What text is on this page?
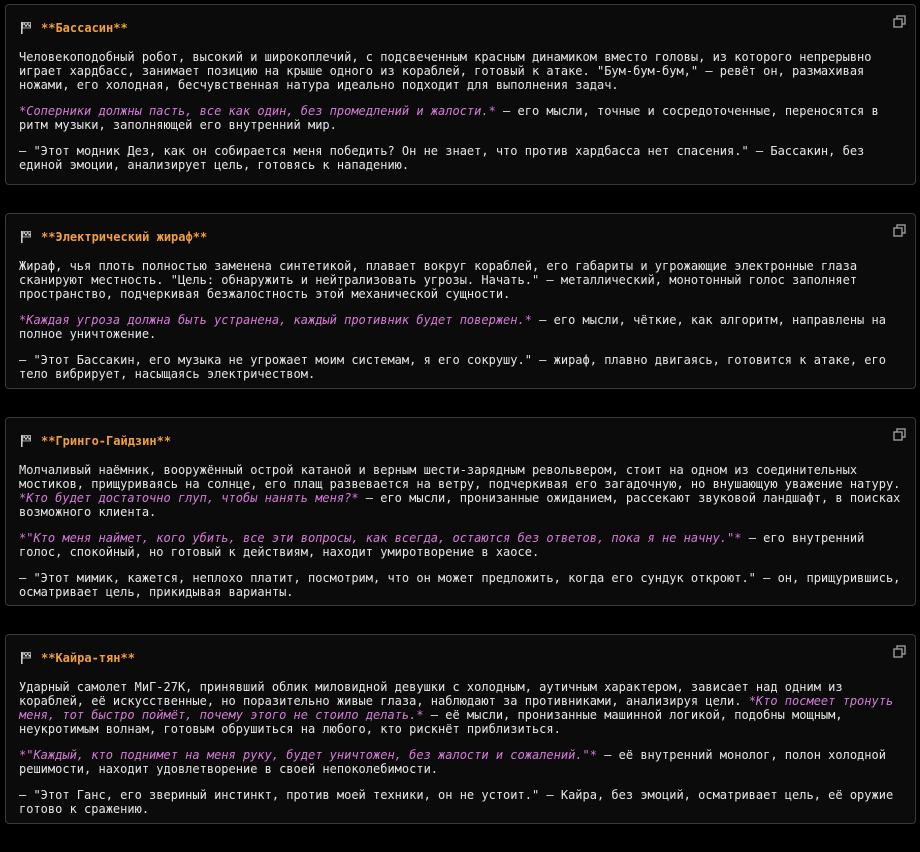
**Бассасин**

Человекоподобный робот, высокий и широкоплечий, с подсвеченным красным динамиком вместо головы, из которого непрерывно играет хардбасс, занимает позицию на крыше одного из кораблей, готовый к атаке. "Бум-бум-бум," – ревёт он, размахивая ножами, его холодная, бесчувственная натура идеально подходит для выполнения задач.

*Соперники должны пасть, все как один, без промедлений и жалости.* – его мысли, точные и сосредоточенные, переносятся в ритм музыки, заполняющей его внутренний мир.

— "Этот модник Дез, как он собирается меня победить? Он не знает, что против хардбасса нет спасения." – Бассакин, без единой эмоции, анализирует цель, готовясь к нападению.

**Электрический жираф**

Жираф, чья плоть полностью заменена синтетикой, плавает вокруг кораблей, его габариты и угрожающие электронные глаза сканируют местность. "Цель: обнаружить и нейтрализовать угрозы. Начать." – металлический, монотонный голос заполняет пространство, подчеркивая безжалостность этой механической сущности.

*Каждая угроза должна быть устранена, каждый противник будет повержен.* – его мысли, чёткие, как алгоритм, направлены на полное уничтожение.

— "Этот Бассакин, его музыка не угрожает моим системам, я его сокрушу." – жираф, плавно двигаясь, готовится к атаке, его тело вибрирует, насыщаясь электричеством.

**Гринго-Гайдзин**

Молчаливый наёмник, вооружённый острой катаной и верным шести-зарядным револьвером, стоит на одном из соединительных мостиков, прищуриваясь на солнце, его плащ развевается на ветру, подчеркивая его загадочную, но внушающую уважение натуру. *Кто будет достаточно глуп, чтобы нанять меня?* – его мысли, пронизанные ожиданием, рассекают звуковой ландшафт, в поисках возможного клиента.

*"Кто меня наймет, кого убить, все эти вопросы, как всегда, остаются без ответов, пока я не начну."* – его внутренний голос, спокойный, но готовый к действиям, находит умиротворение в хаосе.

— "Этот мимик, кажется, неплохо платит, посмотрим, что он может предложить, когда его сундук откроют." – он, прищурившись, осматривает цель, прикидывая варианты.

**Кайра-тян**

Ударный самолет МиГ-27К, принявший облик миловидной девушки с холодным, аутичным характером, зависает над одним из кораблей, её искусственные, но поразительно живые глаза, наблюдают за противниками, анализируя цели. *Кто посмеет тронуть меня, тот быстро поймёт, почему этого не стоило делать.* – её мысли, пронизанные машинной логикой, подобны мощным, неукротимым волнам, готовым обрушиться на любого, кто рискнёт приблизиться.

*"Каждый, кто поднимет на меня руку, будет уничтожен, без жалости и сожалений."* – её внутренний монолог, полон холодной решимости, находит удовлетворение в своей непоколебимости.

— "Этот Ганс, его звериный инстинкт, против моей техники, он не устоит." – Кайра, без эмоций, осматривает цель, её оружие готово к сражению.
